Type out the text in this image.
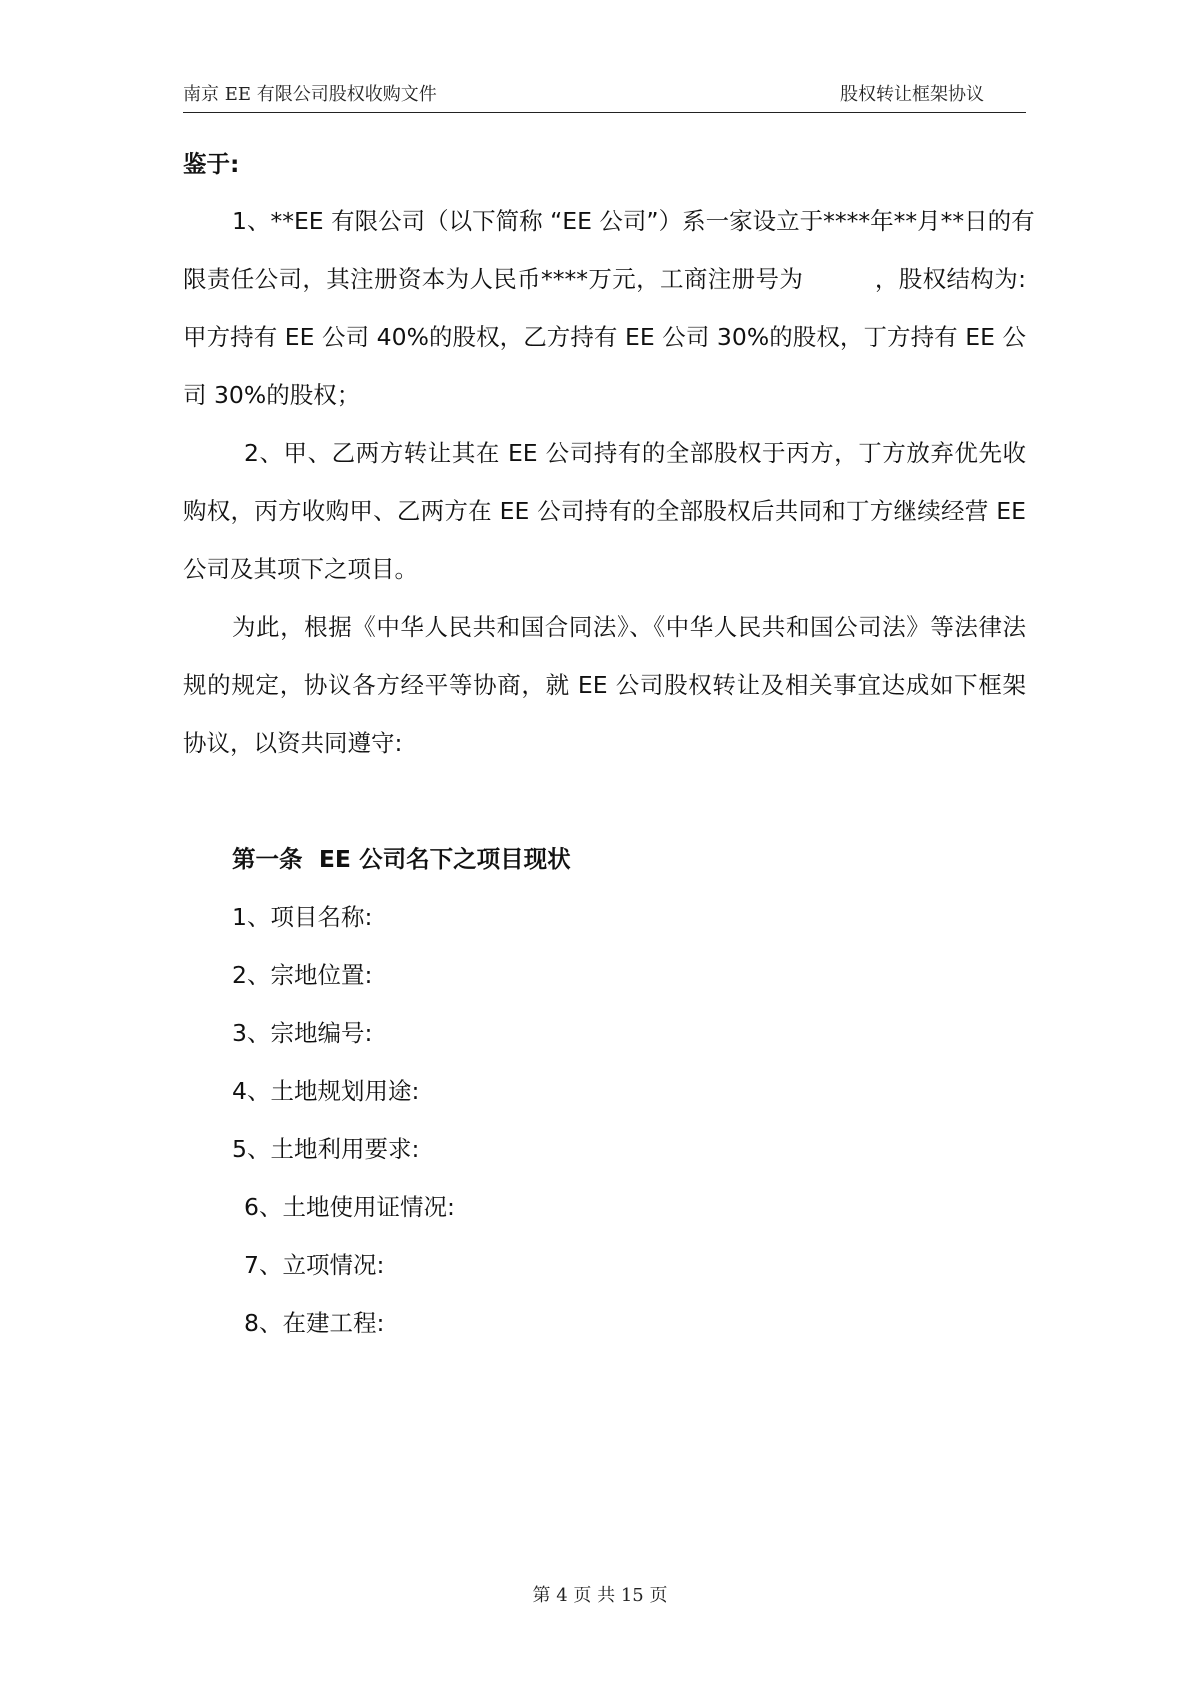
南京 EE 有限公司股权收购文件	股权转让框架协议
鉴于:
1、**EE 有限公司（以下简称 “EE 公司”）系一家设立于****年**月**日的有
限责任公司，其注册资本为人民币****万元，工商注册号为　　　，股权结构为:
甲方持有 EE 公司 40%的股权，乙方持有 EE 公司 30%的股权，丁方持有 EE 公
司 30%的股权；
2、甲、乙两方转让其在 EE 公司持有的全部股权于丙方，丁方放弃优先收
购权，丙方收购甲、乙两方在 EE 公司持有的全部股权后共同和丁方继续经营 EE
公司及其项下之项目。
为此，根据《中华人民共和国合同法》、《中华人民共和国公司法》等法律法
规的规定，协议各方经平等协商，就 EE 公司股权转让及相关事宜达成如下框架
协议，以资共同遵守:
第一条  EE 公司名下之项目现状
1、项目名称:
2、宗地位置:
3、宗地编号:
4、土地规划用途:
5、土地利用要求:
6、土地使用证情况:
7、立项情况:
8、在建工程:
第 4 页 共 15 页
